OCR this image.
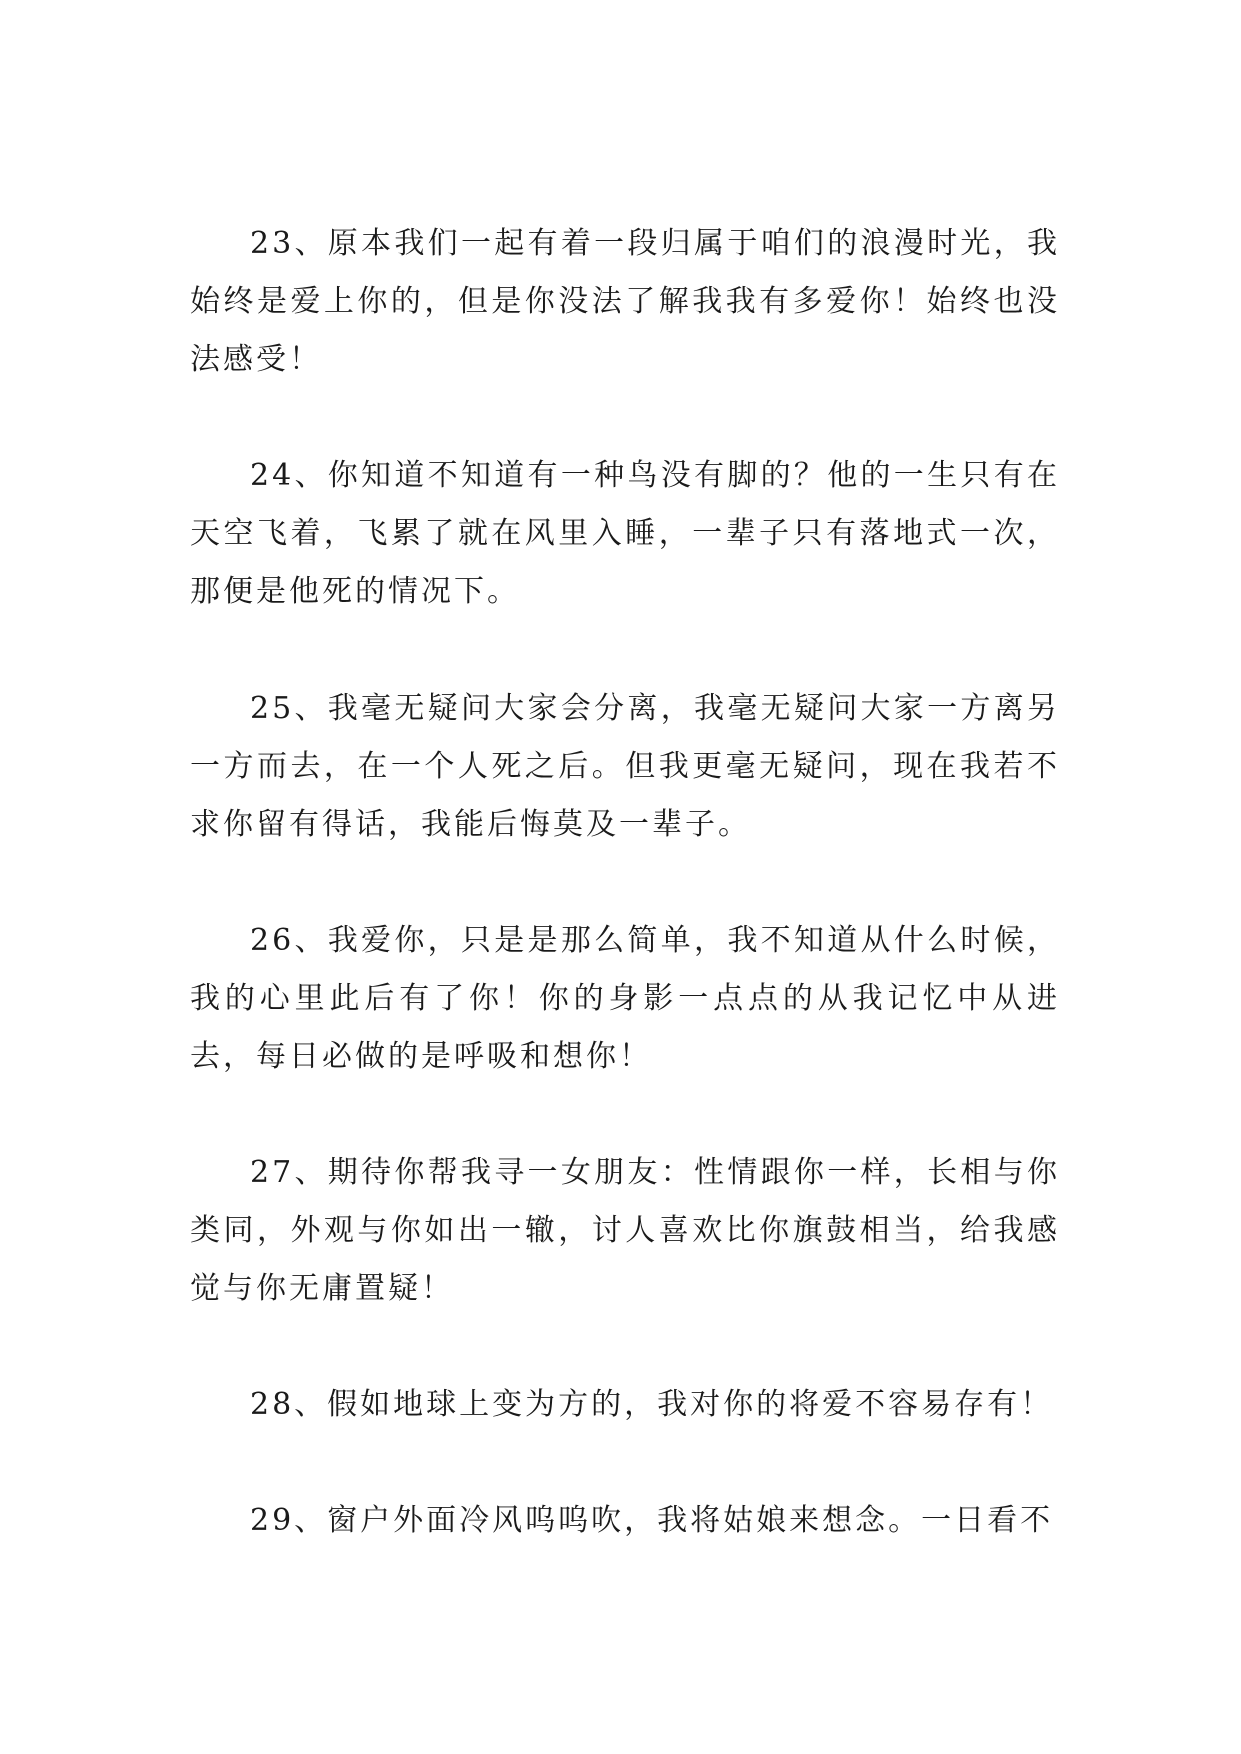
23、原本我们一起有着一段归属于咱们的浪漫时光，我始终是爱上你的，但是你没法了解我我有多爱你！始终也没法感受！

24、你知道不知道有一种鸟没有脚的？他的一生只有在天空飞着，飞累了就在风里入睡，一辈子只有落地式一次，那便是他死的情况下。

25、我毫无疑问大家会分离，我毫无疑问大家一方离另一方而去，在一个人死之后。但我更毫无疑问，现在我若不求你留有得话，我能后悔莫及一辈子。

26、我爱你，只是是那么简单，我不知道从什么时候，我的心里此后有了你！你的身影一点点的从我记忆中从进去，每日必做的是呼吸和想你！

27、期待你帮我寻一女朋友：性情跟你一样，长相与你类同，外观与你如出一辙，讨人喜欢比你旗鼓相当，给我感觉与你无庸置疑！

28、假如地球上变为方的，我对你的将爱不容易存有！

29、窗户外面冷风呜呜吹，我将姑娘来想念。一日看不
